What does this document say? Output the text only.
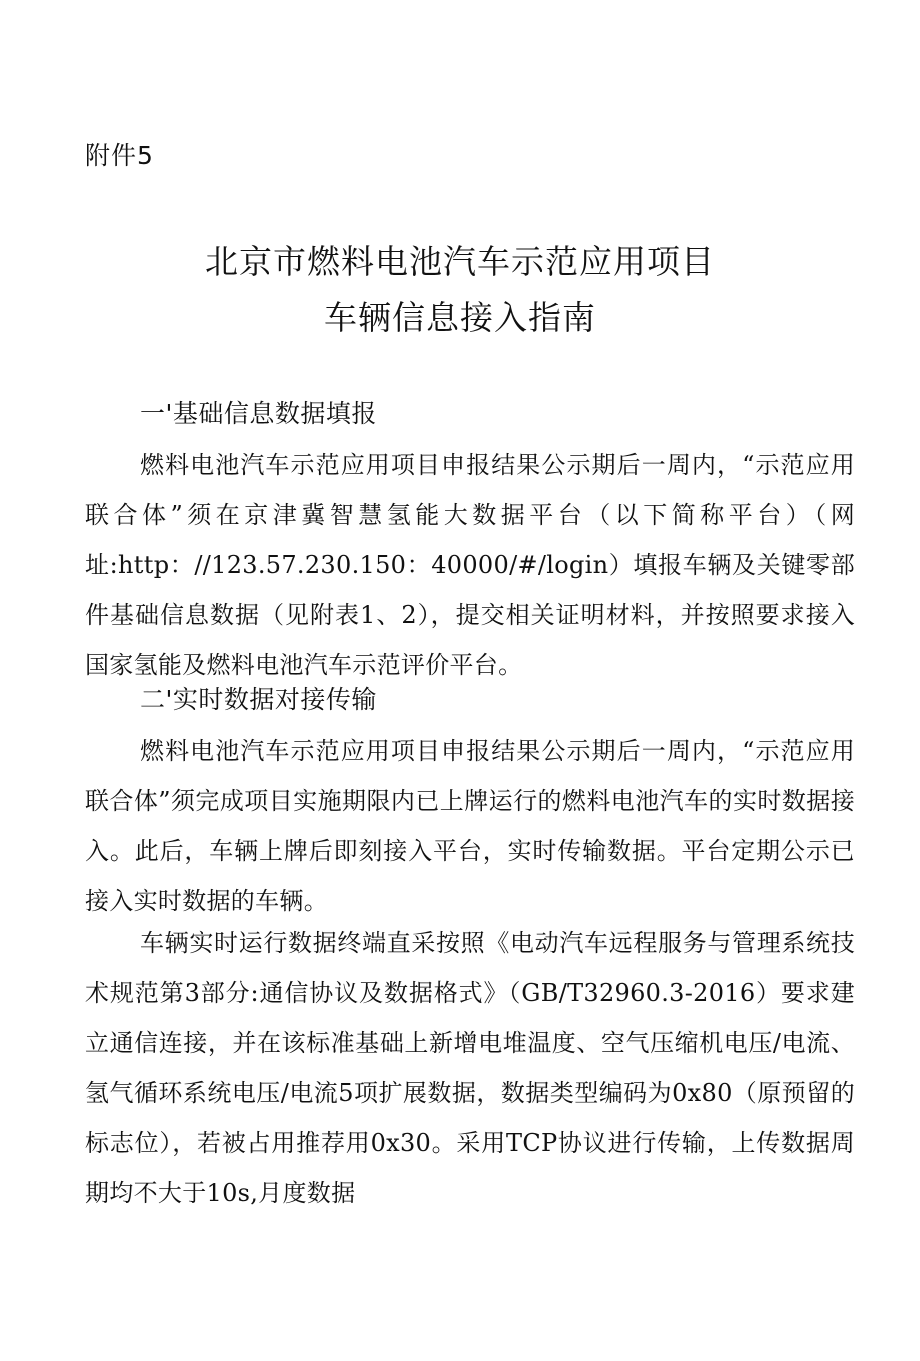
附件5
北京市燃料电池汽车示范应用项目
车辆信息接入指南
一'基础信息数据填报

燃料电池汽车示范应用项目申报结果公示期后一周内，“示范应用联合体”须在京津冀智慧氢能大数据平台（以下简称平台）（网址:http：//123.57.230.150：40000/#/login）填报车辆及关键零部件基础信息数据（见附表1、2），提交相关证明材料，并按照要求接入国家氢能及燃料电池汽车示范评价平台。

二'实时数据对接传输

燃料电池汽车示范应用项目申报结果公示期后一周内，“示范应用联合体”须完成项目实施期限内已上牌运行的燃料电池汽车的实时数据接入。此后，车辆上牌后即刻接入平台，实时传输数据。平台定期公示已接入实时数据的车辆。

车辆实时运行数据终端直采按照《电动汽车远程服务与管理系统技术规范第3部分:通信协议及数据格式》（GB/T32960.3-2016）要求建立通信连接，并在该标准基础上新增电堆温度、空气压缩机电压/电流、氢气循环系统电压/电流5项扩展数据，数据类型编码为0x80（原预留的标志位），若被占用推荐用0x30。采用TCP协议进行传输，上传数据周期均不大于10s,月度数据
